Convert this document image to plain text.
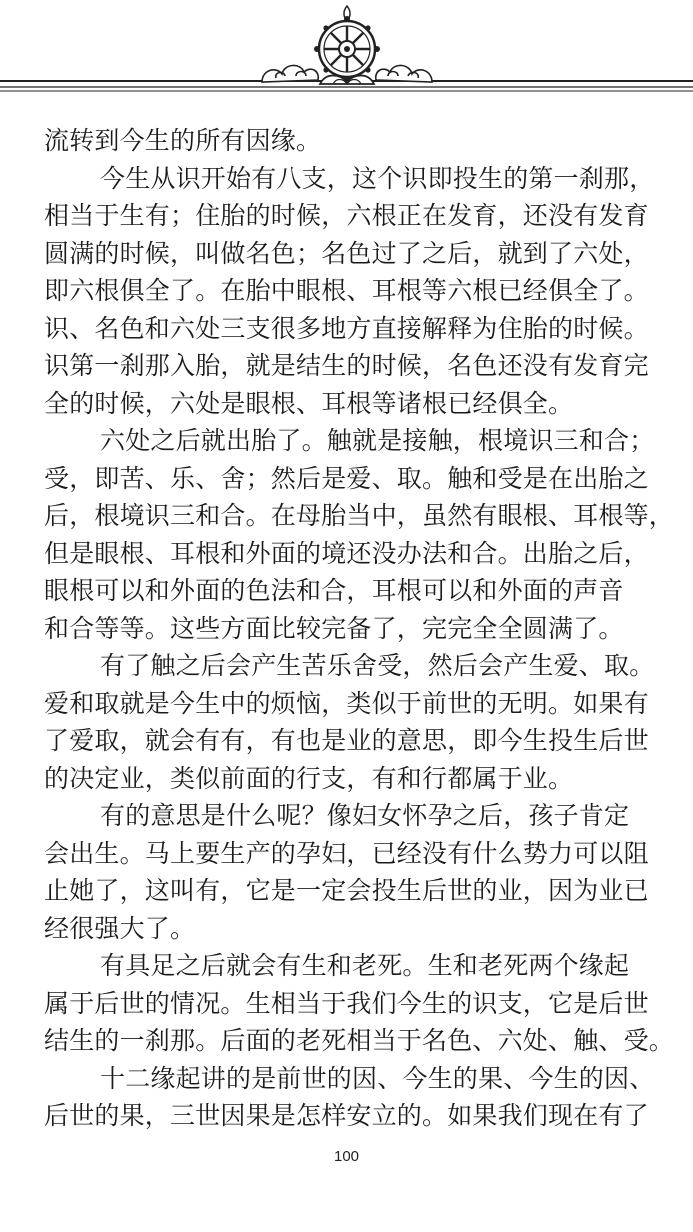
流转到今生的所有因缘。

今生从识开始有八支，这个识即投生的第一刹那，

相当于生有；住胎的时候，六根正在发育，还没有发育

圆满的时候，叫做名色；名色过了之后，就到了六处，

即六根俱全了。在胎中眼根、耳根等六根已经俱全了。

识、名色和六处三支很多地方直接解释为住胎的时候。

识第一刹那入胎，就是结生的时候，名色还没有发育完

全的时候，六处是眼根、耳根等诸根已经俱全。

六处之后就出胎了。触就是接触，根境识三和合；

受，即苦、乐、舍；然后是爱、取。触和受是在出胎之

后，根境识三和合。在母胎当中，虽然有眼根、耳根等，

但是眼根、耳根和外面的境还没办法和合。出胎之后，

眼根可以和外面的色法和合，耳根可以和外面的声音

和合等等。这些方面比较完备了，完完全全圆满了。

有了触之后会产生苦乐舍受，然后会产生爱、取。

爱和取就是今生中的烦恼，类似于前世的无明。如果有

了爱取，就会有有，有也是业的意思，即今生投生后世

的决定业，类似前面的行支，有和行都属于业。

有的意思是什么呢？像妇女怀孕之后，孩子肯定

会出生。马上要生产的孕妇，已经没有什么势力可以阻

止她了，这叫有，它是一定会投生后世的业，因为业已

经很强大了。

有具足之后就会有生和老死。生和老死两个缘起

属于后世的情况。生相当于我们今生的识支，它是后世

结生的一刹那。后面的老死相当于名色、六处、触、受。

十二缘起讲的是前世的因、今生的果、今生的因、

后世的果，三世因果是怎样安立的。如果我们现在有了

100
